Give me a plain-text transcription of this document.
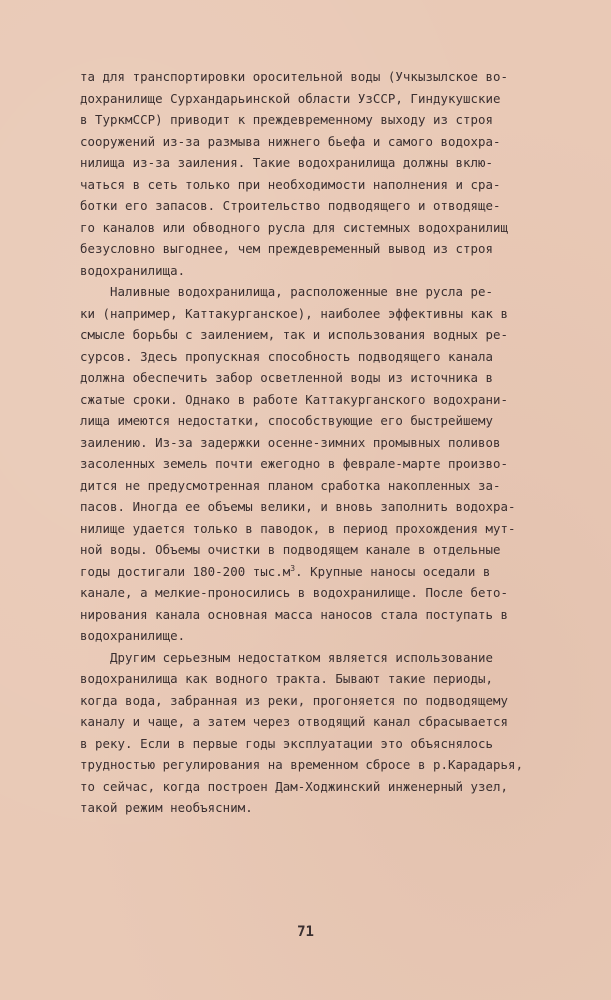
та для транспортировки оросительной воды (Учкызылское во-
дохранилище Сурхандарьинской области УзССР, Гиндукушские
в ТуркмССР) приводит к преждевременному выходу из строя
сооружений из-за размыва нижнего бьефа и самого водохра-
нилища из-за заиления. Такие водохранилища должны вклю-
чаться в сеть только при необходимости наполнения и сра-
ботки его запасов. Строительство подводящего и отводяще-
го каналов или обводного русла для системных водохранилищ
безусловно выгоднее, чем преждевременный вывод из строя
водохранилища.
Наливные водохранилища, расположенные вне русла ре-
ки (например, Каттакурганское), наиболее эффективны как в
смысле борьбы с заилением, так и использования водных ре-
сурсов. Здесь пропускная способность подводящего канала
должна обеспечить забор осветленной воды из источника в
сжатые сроки. Однако в работе Каттакурганского водохрани-
лища имеются недостатки, способствующие его быстрейшему
заилению. Из-за задержки осенне-зимних промывных поливов
засоленных земель почти ежегодно в феврале-марте произво-
дится не предусмотренная планом сработка накопленных за-
пасов. Иногда ее объемы велики, и вновь заполнить водохра-
нилище удается только в паводок, в период прохождения мут-
ной воды. Объемы очистки в подводящем канале в отдельные
годы достигали 180-200 $тыс.м^3$. Крупные наносы оседали в
канале, а мелкие-проносились в водохранилище. После бето-
нирования канала основная масса наносов стала поступать в
водохранилище.
Другим серьезным недостатком является использование
водохранилища как водного тракта. Бывают такие периоды,
когда вода, забранная из реки, прогоняется по подводящему
каналу и чаще, а затем через отводящий канал сбрасывается
в реку. Если в первые годы эксплуатации это объяснялось
трудностью регулирования на временном сбросе в р.Карадарья,
то сейчас, когда построен Дам-Ходжинский инженерный узел,
такой режим необъясним.
71
